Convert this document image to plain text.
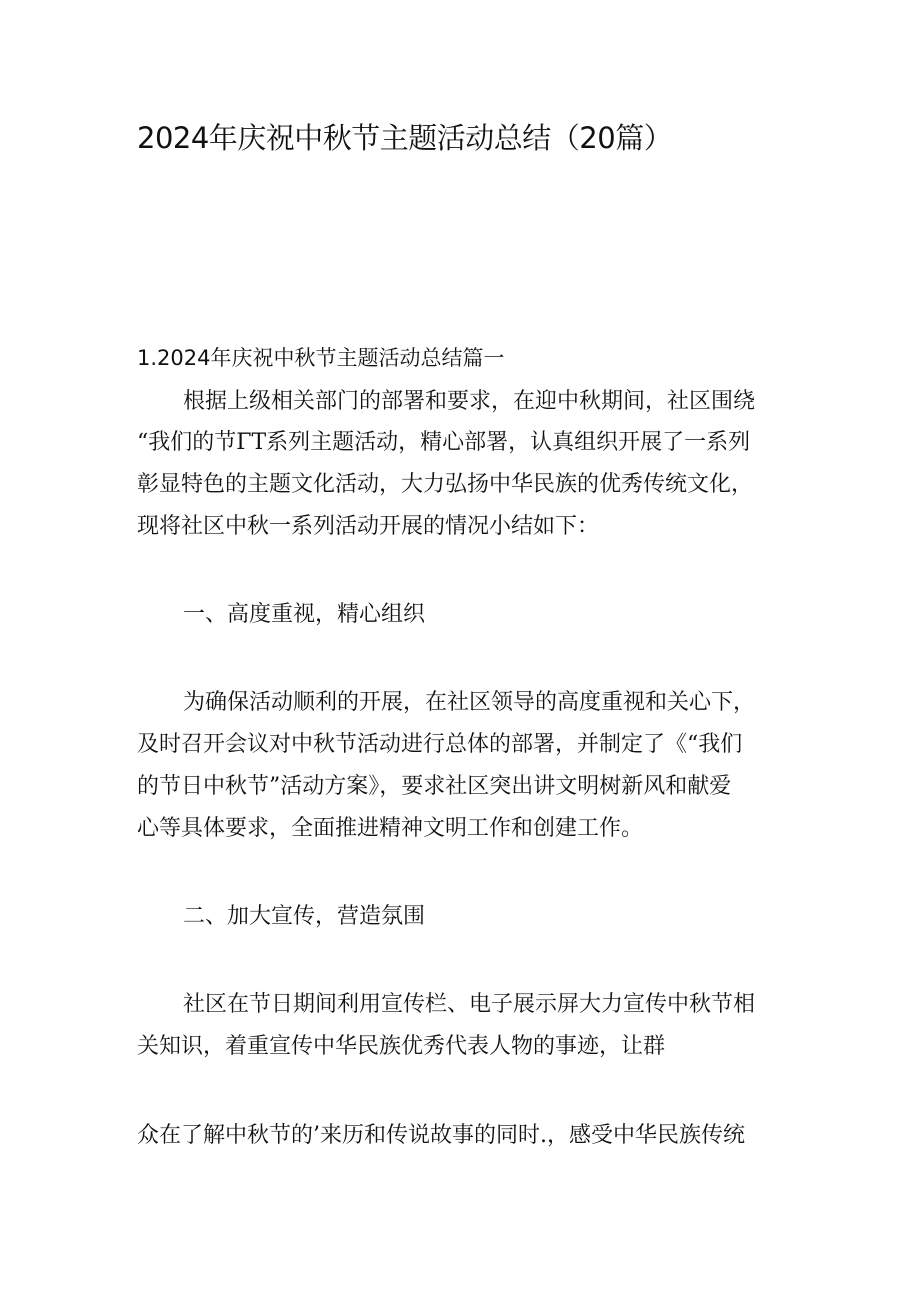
2024年庆祝中秋节主题活动总结（20篇）
1.2024年庆祝中秋节主题活动总结篇一
根据上级相关部门的部署和要求，在迎中秋期间，社区围绕
“我们的节ΓΤ系列主题活动，精心部署，认真组织开展了一系列
彰显特色的主题文化活动，大力弘扬中华民族的优秀传统文化，
现将社区中秋一系列活动开展的情况小结如下：
一、高度重视，精心组织
为确保活动顺利的开展，在社区领导的高度重视和关心下，
及时召开会议对中秋节活动进行总体的部署，并制定了《“我们
的节日中秋节”活动方案》，要求社区突出讲文明树新风和献爱
心等具体要求，全面推进精神文明工作和创建工作。
二、加大宣传，营造氛围
社区在节日期间利用宣传栏、电子展示屏大力宣传中秋节相
关知识，着重宣传中华民族优秀代表人物的事迹，让群
众在了解中秋节的’来历和传说故事的同时.，感受中华民族传统
